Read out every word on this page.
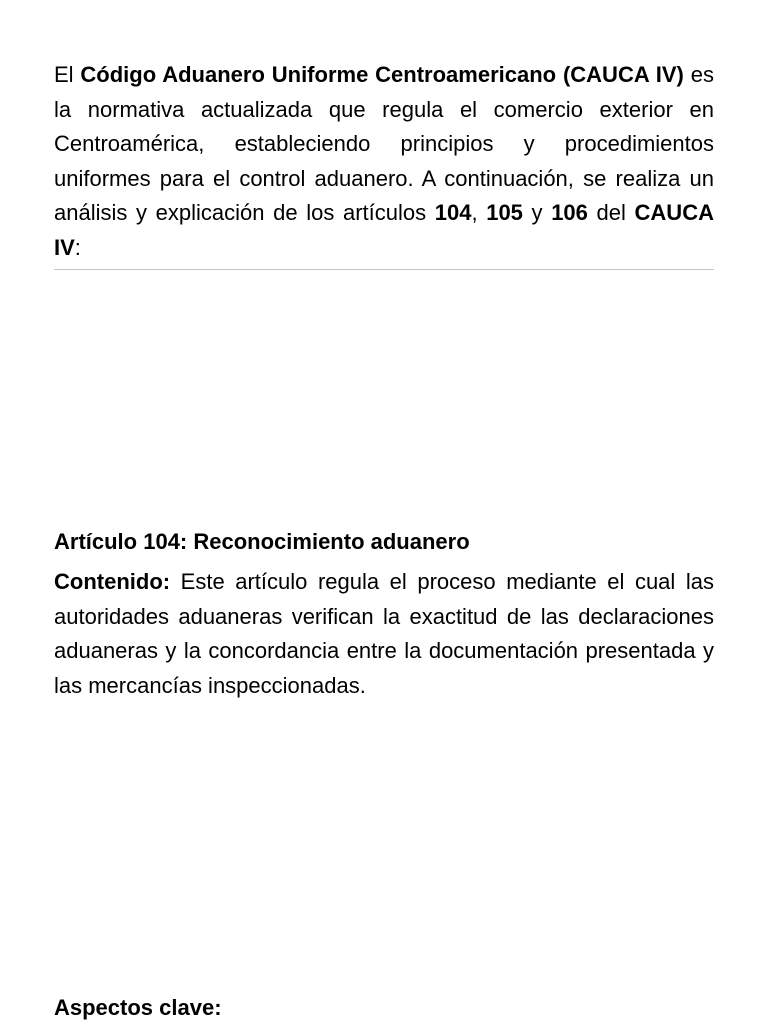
El Código Aduanero Uniforme Centroamericano (CAUCA IV) es la normativa actualizada que regula el comercio exterior en Centroamérica, estableciendo principios y procedimientos uniformes para el control aduanero. A continuación, se realiza un análisis y explicación de los artículos 104, 105 y 106 del CAUCA IV:

Artículo 104: Reconocimiento aduanero

Contenido: Este artículo regula el proceso mediante el cual las autoridades aduaneras verifican la exactitud de las declaraciones aduaneras y la concordancia entre la documentación presentada y las mercancías inspeccionadas.

Aspectos clave:
